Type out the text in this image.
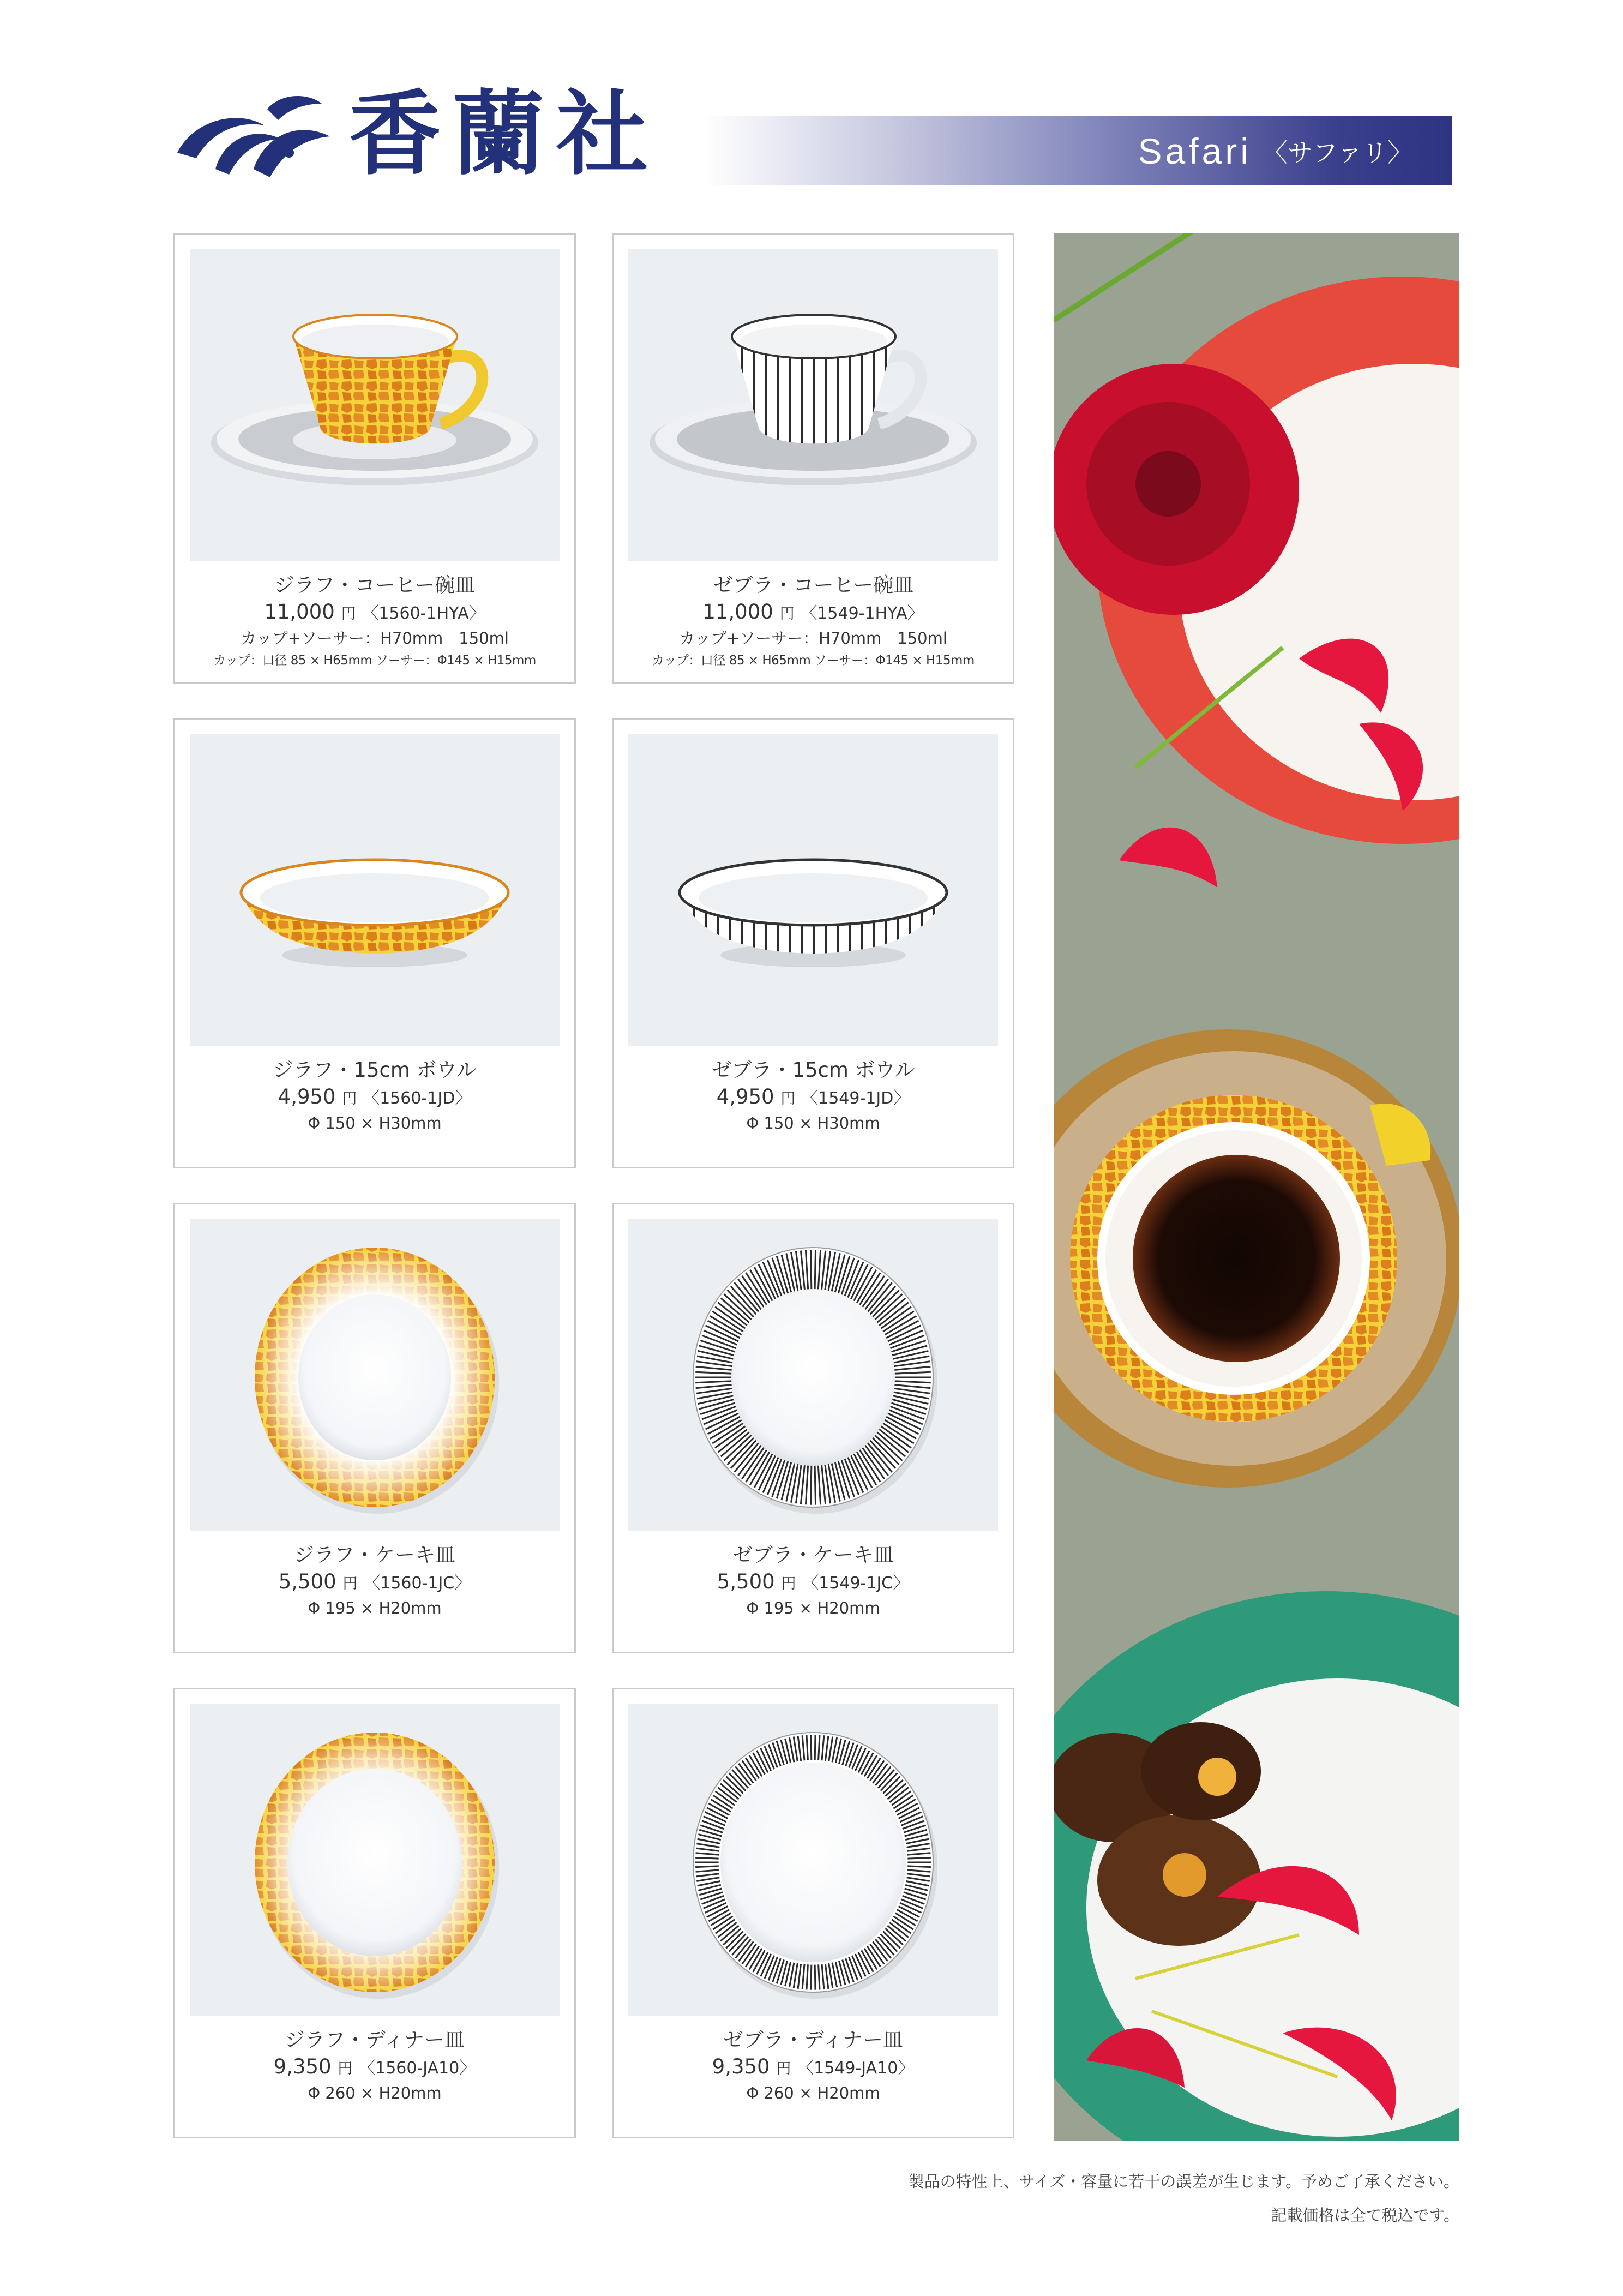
香蘭社	Safari 〈サファリ〉
ジラフ・コーヒー碗皿
11,000 円 〈1560-1HYA〉
カップ+ソーサー：H70mm　150ml
カップ：口径 85 × H65mm ソーサー：Φ145 × H15mm
ゼブラ・コーヒー碗皿
11,000 円 〈1549-1HYA〉
カップ+ソーサー：H70mm　150ml
カップ：口径 85 × H65mm ソーサー：Φ145 × H15mm
ジラフ・15cm ボウル
4,950 円 〈1560-1JD〉
Φ 150 × H30mm
ゼブラ・15cm ボウル
4,950 円 〈1549-1JD〉
Φ 150 × H30mm
ジラフ・ケーキ皿
5,500 円 〈1560-1JC〉
Φ 195 × H20mm
ゼブラ・ケーキ皿
5,500 円 〈1549-1JC〉
Φ 195 × H20mm
ジラフ・ディナー皿
9,350 円 〈1560-JA10〉
Φ 260 × H20mm
ゼブラ・ディナー皿
9,350 円 〈1549-JA10〉
Φ 260 × H20mm
製品の特性上、サイズ・容量に若干の誤差が生じます。予めご了承ください。
記載価格は全て税込です。
